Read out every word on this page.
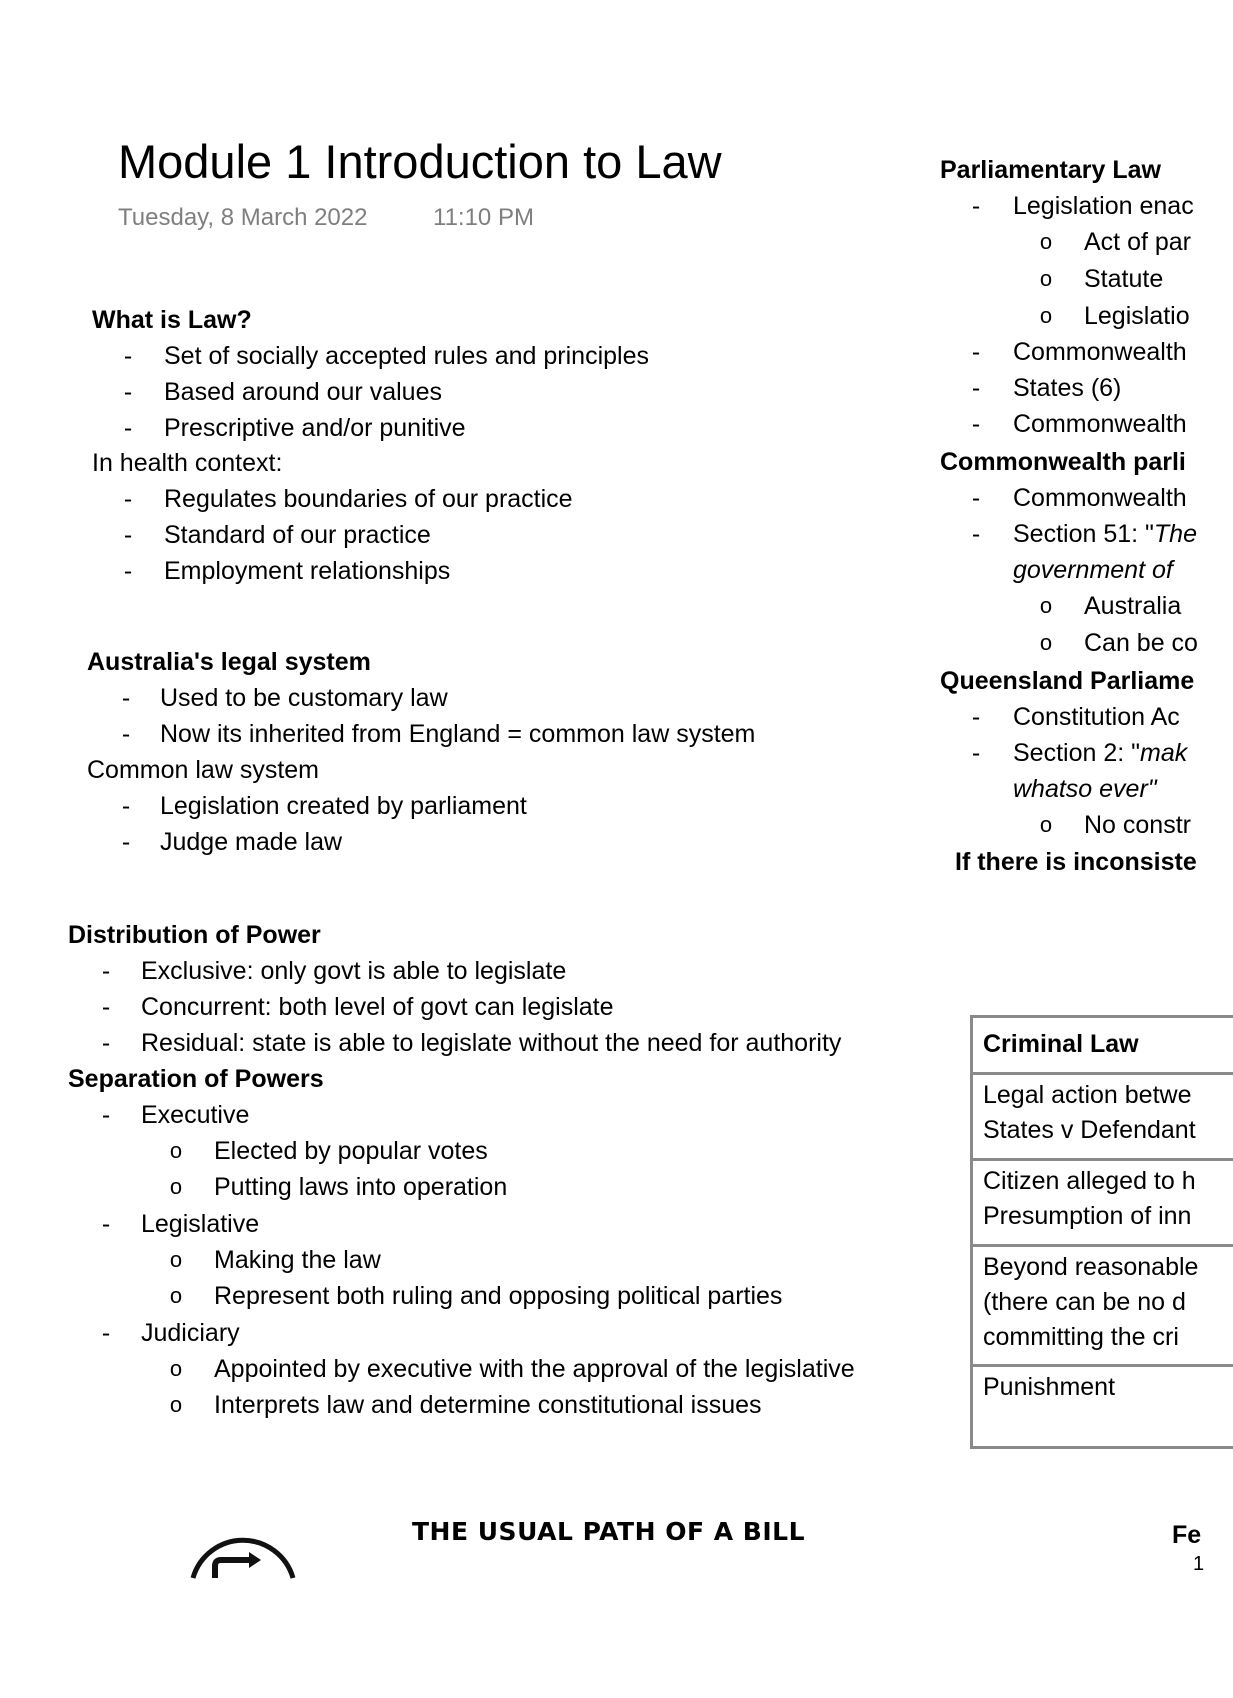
Module 1 Introduction to Law
Tuesday, 8 March 2022	11:10 PM
What is Law?
- Set of socially accepted rules and principles
- Based around our values
- Prescriptive and/or punitive
In health context:
- Regulates boundaries of our practice
- Standard of our practice
- Employment relationships
Australia's legal system
- Used to be customary law
- Now its inherited from England = common law system
Common law system
- Legislation created by parliament
- Judge made law
Distribution of Power
- Exclusive: only govt is able to legislate
- Concurrent: both level of govt can legislate
- Residual: state is able to legislate without the need for authority
Separation of Powers
- Executive
o Elected by popular votes
o Putting laws into operation
- Legislative
o Making the law
o Represent both ruling and opposing political parties
- Judiciary
o Appointed by executive with the approval of the legislative
o Interprets law and determine constitutional issues
THE USUAL PATH OF A BILL
Parliamentary Law
- Legislation enac
o Act of par
o Statute
o Legislatio
- Commonwealth
- States (6)
- Commonwealth
Commonwealth parli
- Commonwealth
- Section 51: "The
government of
o Australia
o Can be co
Queensland Parliame
- Constitution Ac
- Section 2: "mak
whatso ever"
o No constr
If there is inconsiste
Criminal Law
Legal action betwe
States v Defendant
Citizen alleged to h
Presumption of inn
Beyond reasonable
(there can be no d
committing the cri
Punishment
Fe
1
